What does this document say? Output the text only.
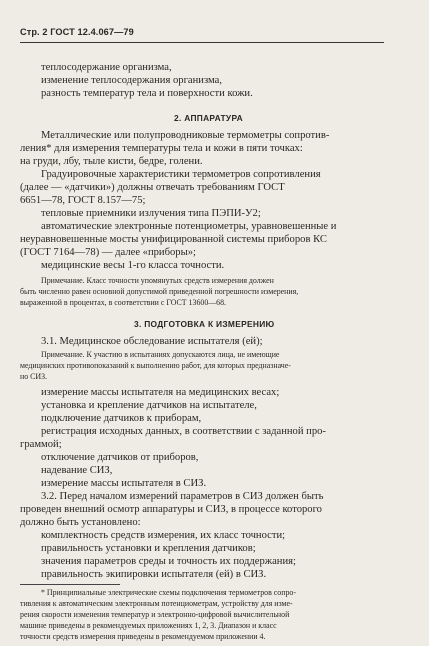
Стр. 2 ГОСТ 12.4.067—79
теплосодержание организма,
изменение теплосодержания организма,
разность температур тела и поверхности кожи.
2. АППАРАТУРА
Металлические или полупроводниковые термометры сопротив-
ления* для измерения температуры тела и кожи в пяти точках:
на груди, лбу, тыле кисти, бедре, голени.
Градуировочные характеристики термометров сопротивления
(далее — «датчики») должны отвечать требованиям ГОСТ
6651—78, ГОСТ 8.157—75;
тепловые приемники излучения типа ПЭПИ-У2;
автоматические электронные потенциометры, уравновешенные и
неуравновешенные мосты унифицированной системы приборов КС
(ГОСТ 7164—78) — далее «приборы»;
медицинские весы 1-го класса точности.
Примечание. Класс точности упомянутых средств измерения должен
быть численно равен основной допустимой приведенной погрешности измерения,
выраженной в процентах, в соответствии с ГОСТ 13600—68.
3. ПОДГОТОВКА К ИЗМЕРЕНИЮ
3.1. Медицинское обследование испытателя (ей);
Примечание. К участию в испытаниях допускаются лица, не имеющие
медицинских противопоказаний к выполнению работ, для которых предназначе-
но СИЗ.
измерение массы испытателя на медицинских весах;
установка и крепление датчиков на испытателе,
подключение датчиков к приборам,
регистрация исходных данных, в соответствии с заданной про-
граммой;
отключение датчиков от приборов,
надевание СИЗ,
измерение массы испытателя в СИЗ.
3.2. Перед началом измерений параметров в СИЗ должен быть
проведен внешний осмотр аппаратуры и СИЗ, в процессе которого
должно быть установлено:
комплектность средств измерения, их класс точности;
правильность установки и крепления датчиков;
значения параметров среды и точность их поддержания;
правильность экипировки испытателя (ей) в СИЗ.
* Принципиальные электрические схемы подключения термометров сопро-
тивления к автоматическим электронным потенциометрам, устройству для изме-
рения скорости изменения температур и электронно-цифровой вычислительной
машине приведены в рекомендуемых приложениях 1, 2, 3. Диапазон и класс
точности средств измерения приведены в рекомендуемом приложении 4.
